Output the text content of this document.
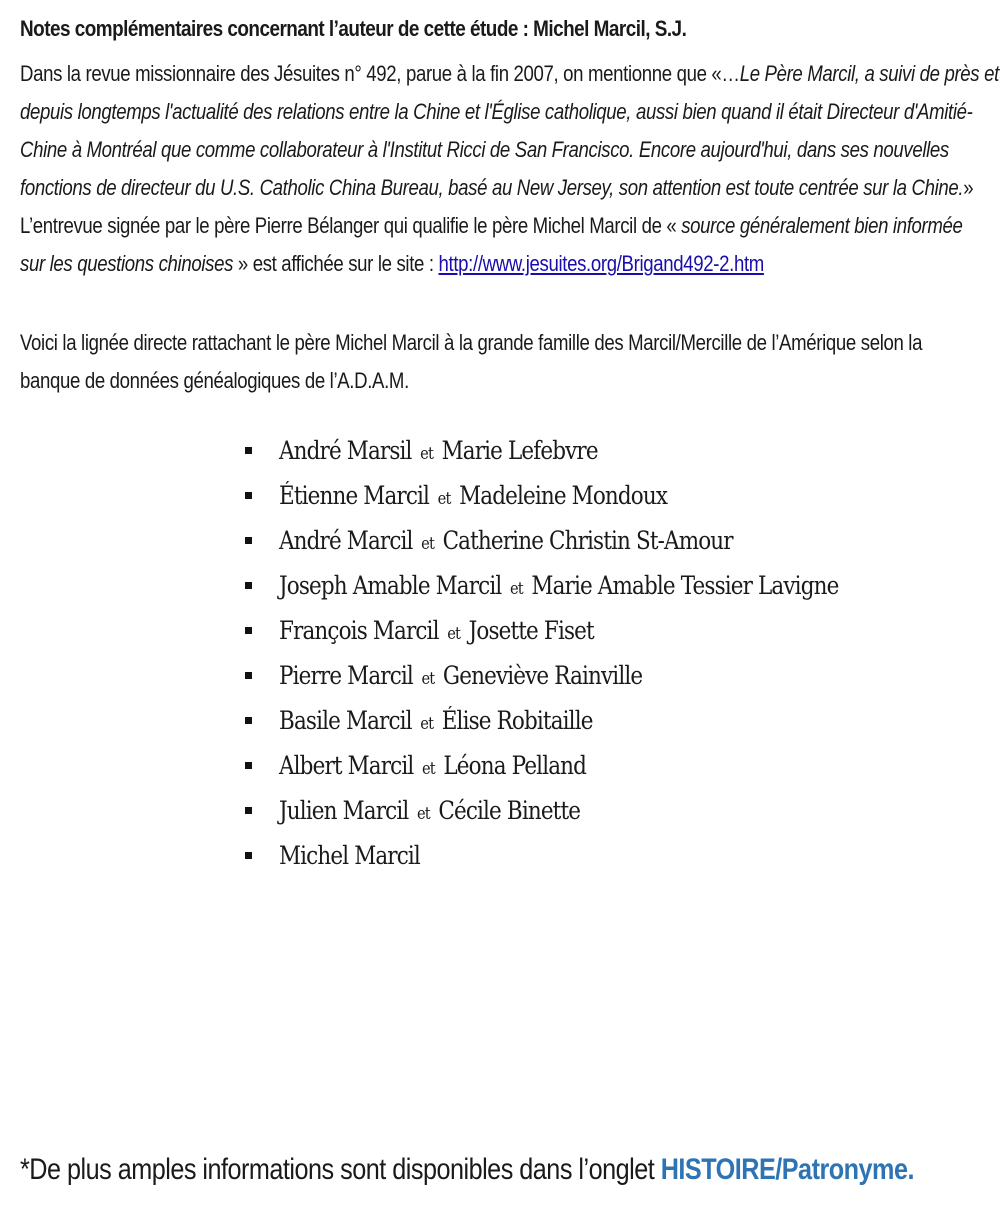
Notes complémentaires concernant l’auteur de cette étude : Michel Marcil, S.J.
Dans la revue missionnaire des Jésuites n° 492, parue à la fin 2007, on mentionne que «…Le Père Marcil, a suivi de près et
depuis longtemps l'actualité des relations entre la Chine et l'Église catholique, aussi bien quand il était Directeur d'Amitié-
Chine à Montréal que comme collaborateur à l'Institut Ricci de San Francisco. Encore aujourd'hui, dans ses nouvelles
fonctions de directeur du U.S. Catholic China Bureau, basé au New Jersey, son attention est toute centrée sur la Chine.»
L’entrevue signée par le père Pierre Bélanger qui qualifie le père Michel Marcil de « source généralement bien informée
sur les questions chinoises » est affichée sur le site : http://www.jesuites.org/Brigand492-2.htm
Voici la lignée directe rattachant le père Michel Marcil à la grande famille des Marcil/Mercille de l’Amérique selon la
banque de données généalogiques de l’A.D.A.M.
André Marsil et Marie Lefebvre
Étienne Marcil et Madeleine Mondoux
André Marcil et Catherine Christin St-Amour
Joseph Amable Marcil et Marie Amable Tessier Lavigne
François Marcil et Josette Fiset
Pierre Marcil et Geneviève Rainville
Basile Marcil et Élise Robitaille
Albert Marcil et Léona Pelland
Julien Marcil et Cécile Binette
Michel Marcil
*De plus amples informations sont disponibles dans l’onglet HISTOIRE/Patronyme.
